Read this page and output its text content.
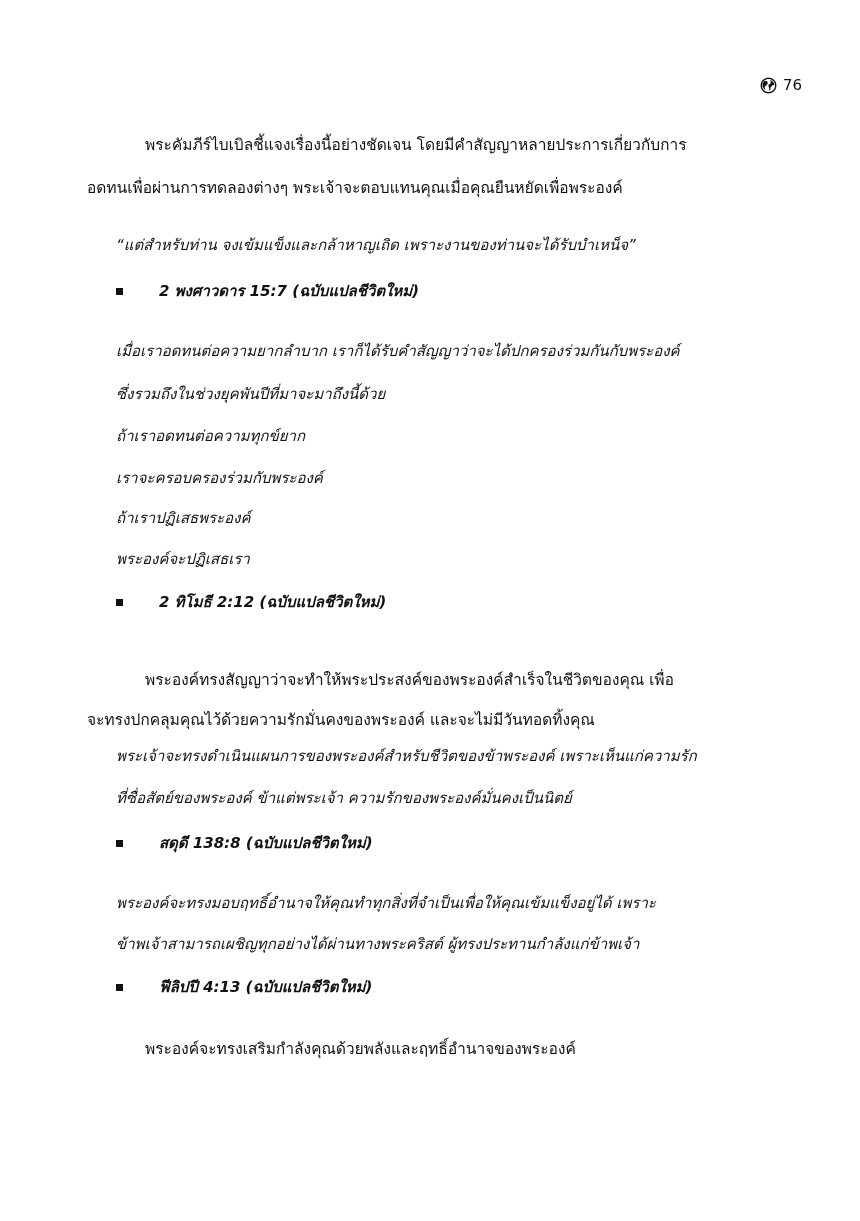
76
พระคัมภีร์ไบเบิลชี้แจงเรื่องนี้อย่างชัดเจน โดยมีคำสัญญาหลายประการเกี่ยวกับการ
อดทนเพื่อผ่านการทดลองต่างๆ พระเจ้าจะตอบแทนคุณเมื่อคุณยืนหยัดเพื่อพระองค์
“แต่สำหรับท่าน จงเข้มแข็งและกล้าหาญเถิด เพราะงานของท่านจะได้รับบำเหน็จ”
2 พงศาวดาร 15:7 (ฉบับแปลชีวิตใหม่)
เมื่อเราอดทนต่อความยากลำบาก เราก็ได้รับคำสัญญาว่าจะได้ปกครองร่วมกันกับพระองค์
ซึ่งรวมถึงในช่วงยุคพันปีที่มาจะมาถึงนี้ด้วย
ถ้าเราอดทนต่อความทุกข์ยาก
เราจะครอบครองร่วมกับพระองค์
ถ้าเราปฏิเสธพระองค์
พระองค์จะปฏิเสธเรา
2 ทิโมธี 2:12 (ฉบับแปลชีวิตใหม่)
พระองค์ทรงสัญญาว่าจะทำให้พระประสงค์ของพระองค์สำเร็จในชีวิตของคุณ เพื่อ
จะทรงปกคลุมคุณไว้ด้วยความรักมั่นคงของพระองค์ และจะไม่มีวันทอดทิ้งคุณ
พระเจ้าจะทรงดำเนินแผนการของพระองค์สำหรับชีวิตของข้าพระองค์ เพราะเห็นแก่ความรัก
ที่ซื่อสัตย์ของพระองค์ ข้าแต่พระเจ้า ความรักของพระองค์มั่นคงเป็นนิตย์
สดุดี 138:8 (ฉบับแปลชีวิตใหม่)
พระองค์จะทรงมอบฤทธิ์อำนาจให้คุณทำทุกสิ่งที่จำเป็นเพื่อให้คุณเข้มแข็งอยู่ได้ เพราะ
ข้าพเจ้าสามารถเผชิญทุกอย่างได้ผ่านทางพระคริสต์ ผู้ทรงประทานกำลังแก่ข้าพเจ้า
ฟีลิปปี 4:13 (ฉบับแปลชีวิตใหม่)
พระองค์จะทรงเสริมกำลังคุณด้วยพลังและฤทธิ์อำนาจของพระองค์
